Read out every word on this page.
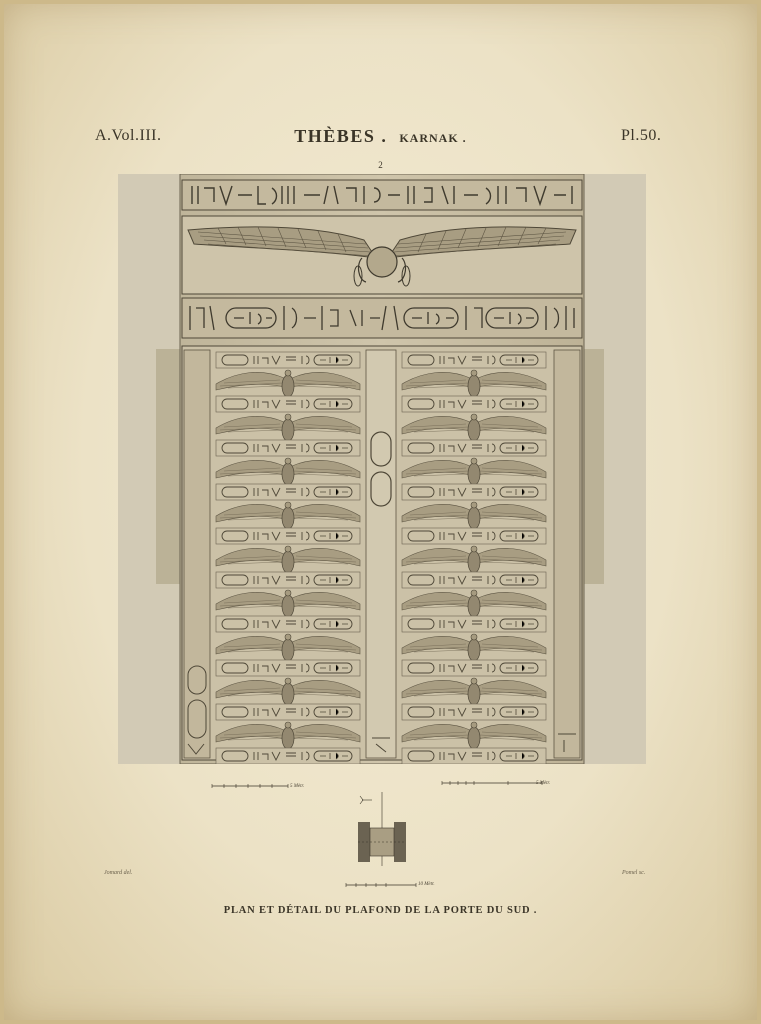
A.Vol.III.	THÈBES . KARNAK .	Pl.50.
2
5 Mètr.
5 Mètr.
10 Mètr.
Jomard del.	Pomel sc.
PLAN ET DÉTAIL DU PLAFOND DE LA PORTE DU SUD .
